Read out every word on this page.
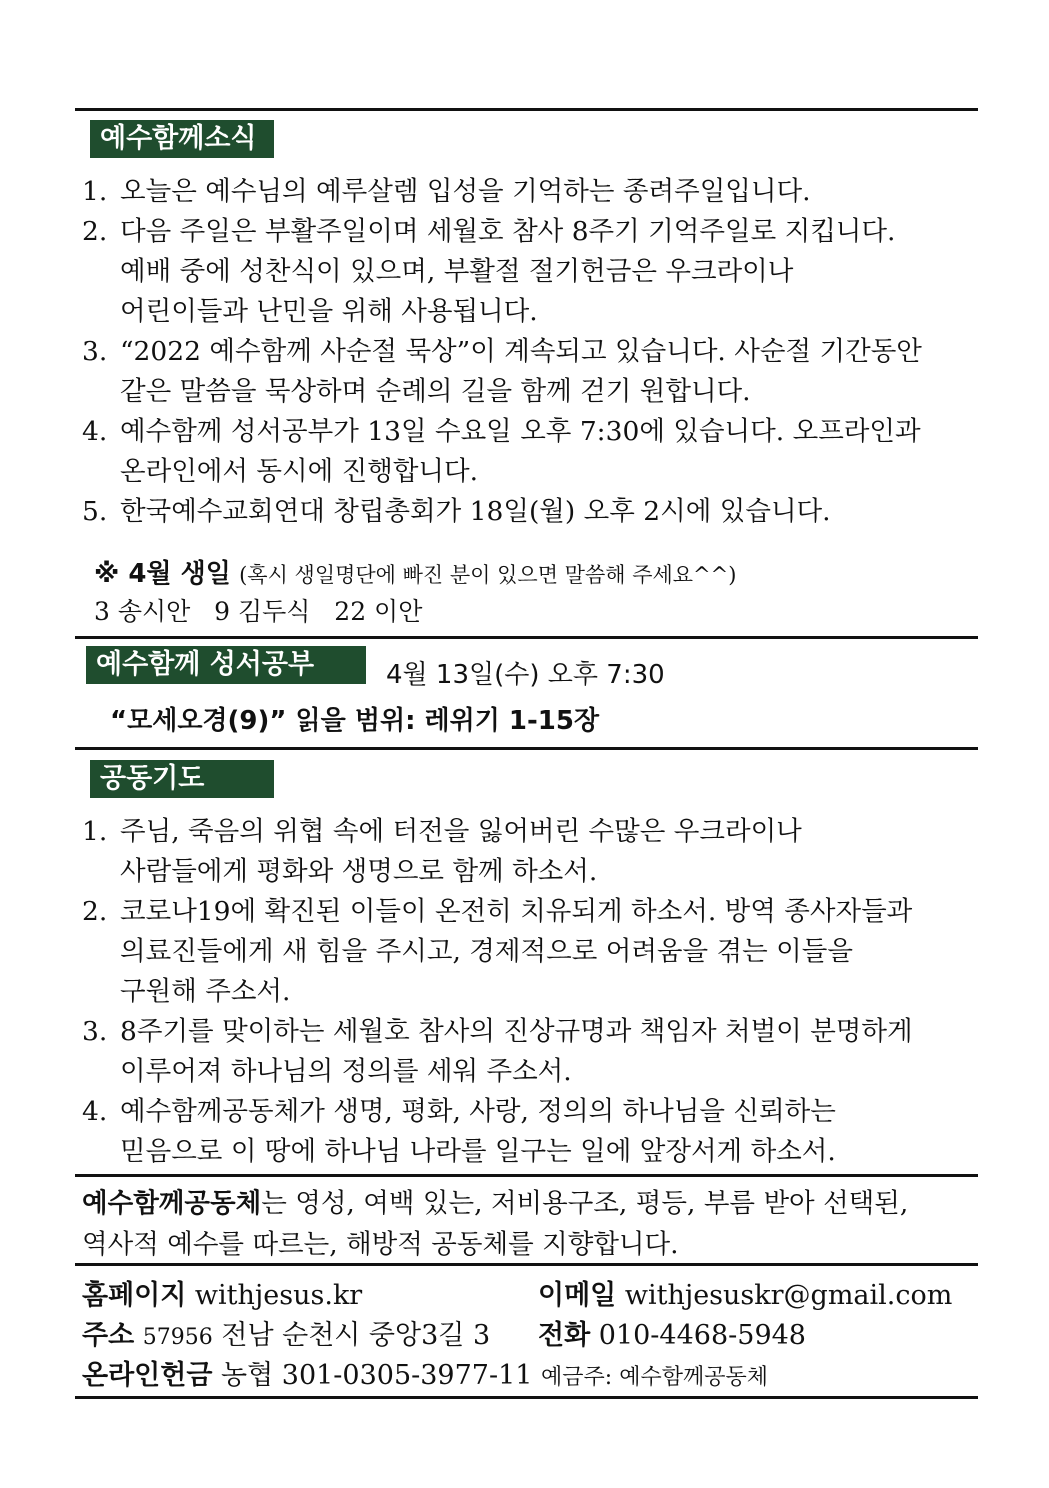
예수함께소식
1. 오늘은 예수님의 예루살렘 입성을 기억하는 종려주일입니다.
2. 다음 주일은 부활주일이며 세월호 참사 8주기 기억주일로 지킵니다.
예배 중에 성찬식이 있으며, 부활절 절기헌금은 우크라이나
어린이들과 난민을 위해 사용됩니다.
3. “2022 예수함께 사순절 묵상”이 계속되고 있습니다. 사순절 기간동안
같은 말씀을 묵상하며 순례의 길을 함께 걷기 원합니다.
4. 예수함께 성서공부가 13일 수요일 오후 7:30에 있습니다. 오프라인과
온라인에서 동시에 진행합니다.
5. 한국예수교회연대 창립총회가 18일(월) 오후 2시에 있습니다.
※ 4월 생일 (혹시 생일명단에 빠진 분이 있으면 말씀해 주세요^^)
3 송시안   9 김두식   22 이안
예수함께 성서공부	4월 13일(수) 오후 7:30
“모세오경(9)” 읽을 범위: 레위기 1-15장
공동기도
1. 주님, 죽음의 위협 속에 터전을 잃어버린 수많은 우크라이나
사람들에게 평화와 생명으로 함께 하소서.
2. 코로나19에 확진된 이들이 온전히 치유되게 하소서. 방역 종사자들과
의료진들에게 새 힘을 주시고, 경제적으로 어려움을 겪는 이들을
구원해 주소서.
3. 8주기를 맞이하는 세월호 참사의 진상규명과 책임자 처벌이 분명하게
이루어져 하나님의 정의를 세워 주소서.
4. 예수함께공동체가 생명, 평화, 사랑, 정의의 하나님을 신뢰하는
믿음으로 이 땅에 하나님 나라를 일구는 일에 앞장서게 하소서.
예수함께공동체는 영성, 여백 있는, 저비용구조, 평등, 부름 받아 선택된,
역사적 예수를 따르는, 해방적 공동체를 지향합니다.
홈페이지 withjesus.kr	이메일 withjesuskr@gmail.com
주소 57956 전남 순천시 중앙3길 3 전화 010-4468-5948
온라인헌금 농협 301-0305-3977-11 예금주: 예수함께공동체
